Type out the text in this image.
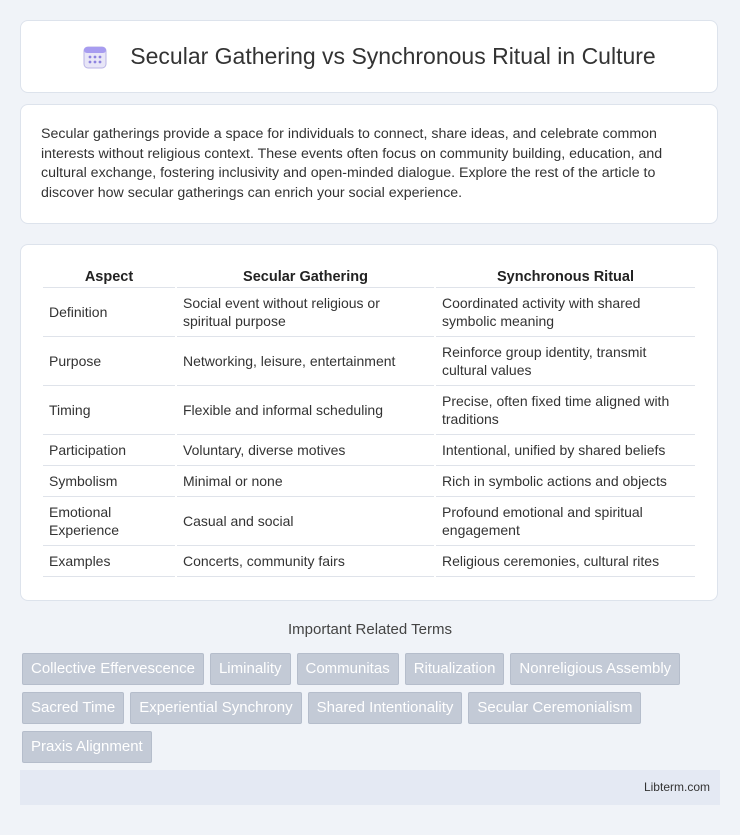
Secular Gathering vs Synchronous Ritual in Culture

Secular gatherings provide a space for individuals to connect, share ideas, and celebrate common interests without religious context. These events often focus on community building, education, and cultural exchange, fostering inclusivity and open-minded dialogue. Explore the rest of the article to discover how secular gatherings can enrich your social experience.

Aspect	Secular Gathering	Synchronous Ritual
Definition	Social event without religious or spiritual purpose	Coordinated activity with shared symbolic meaning
Purpose	Networking, leisure, entertainment	Reinforce group identity, transmit cultural values
Timing	Flexible and informal scheduling	Precise, often fixed time aligned with traditions
Participation	Voluntary, diverse motives	Intentional, unified by shared beliefs
Symbolism	Minimal or none	Rich in symbolic actions and objects
Emotional Experience	Casual and social	Profound emotional and spiritual engagement
Examples	Concerts, community fairs	Religious ceremonies, cultural rites
Important Related Terms
Collective Effervescence	Liminality	Communitas	Ritualization	Nonreligious Assembly
Sacred Time	Experiential Synchrony	Shared Intentionality	Secular Ceremonialism
Praxis Alignment
Libterm.com
